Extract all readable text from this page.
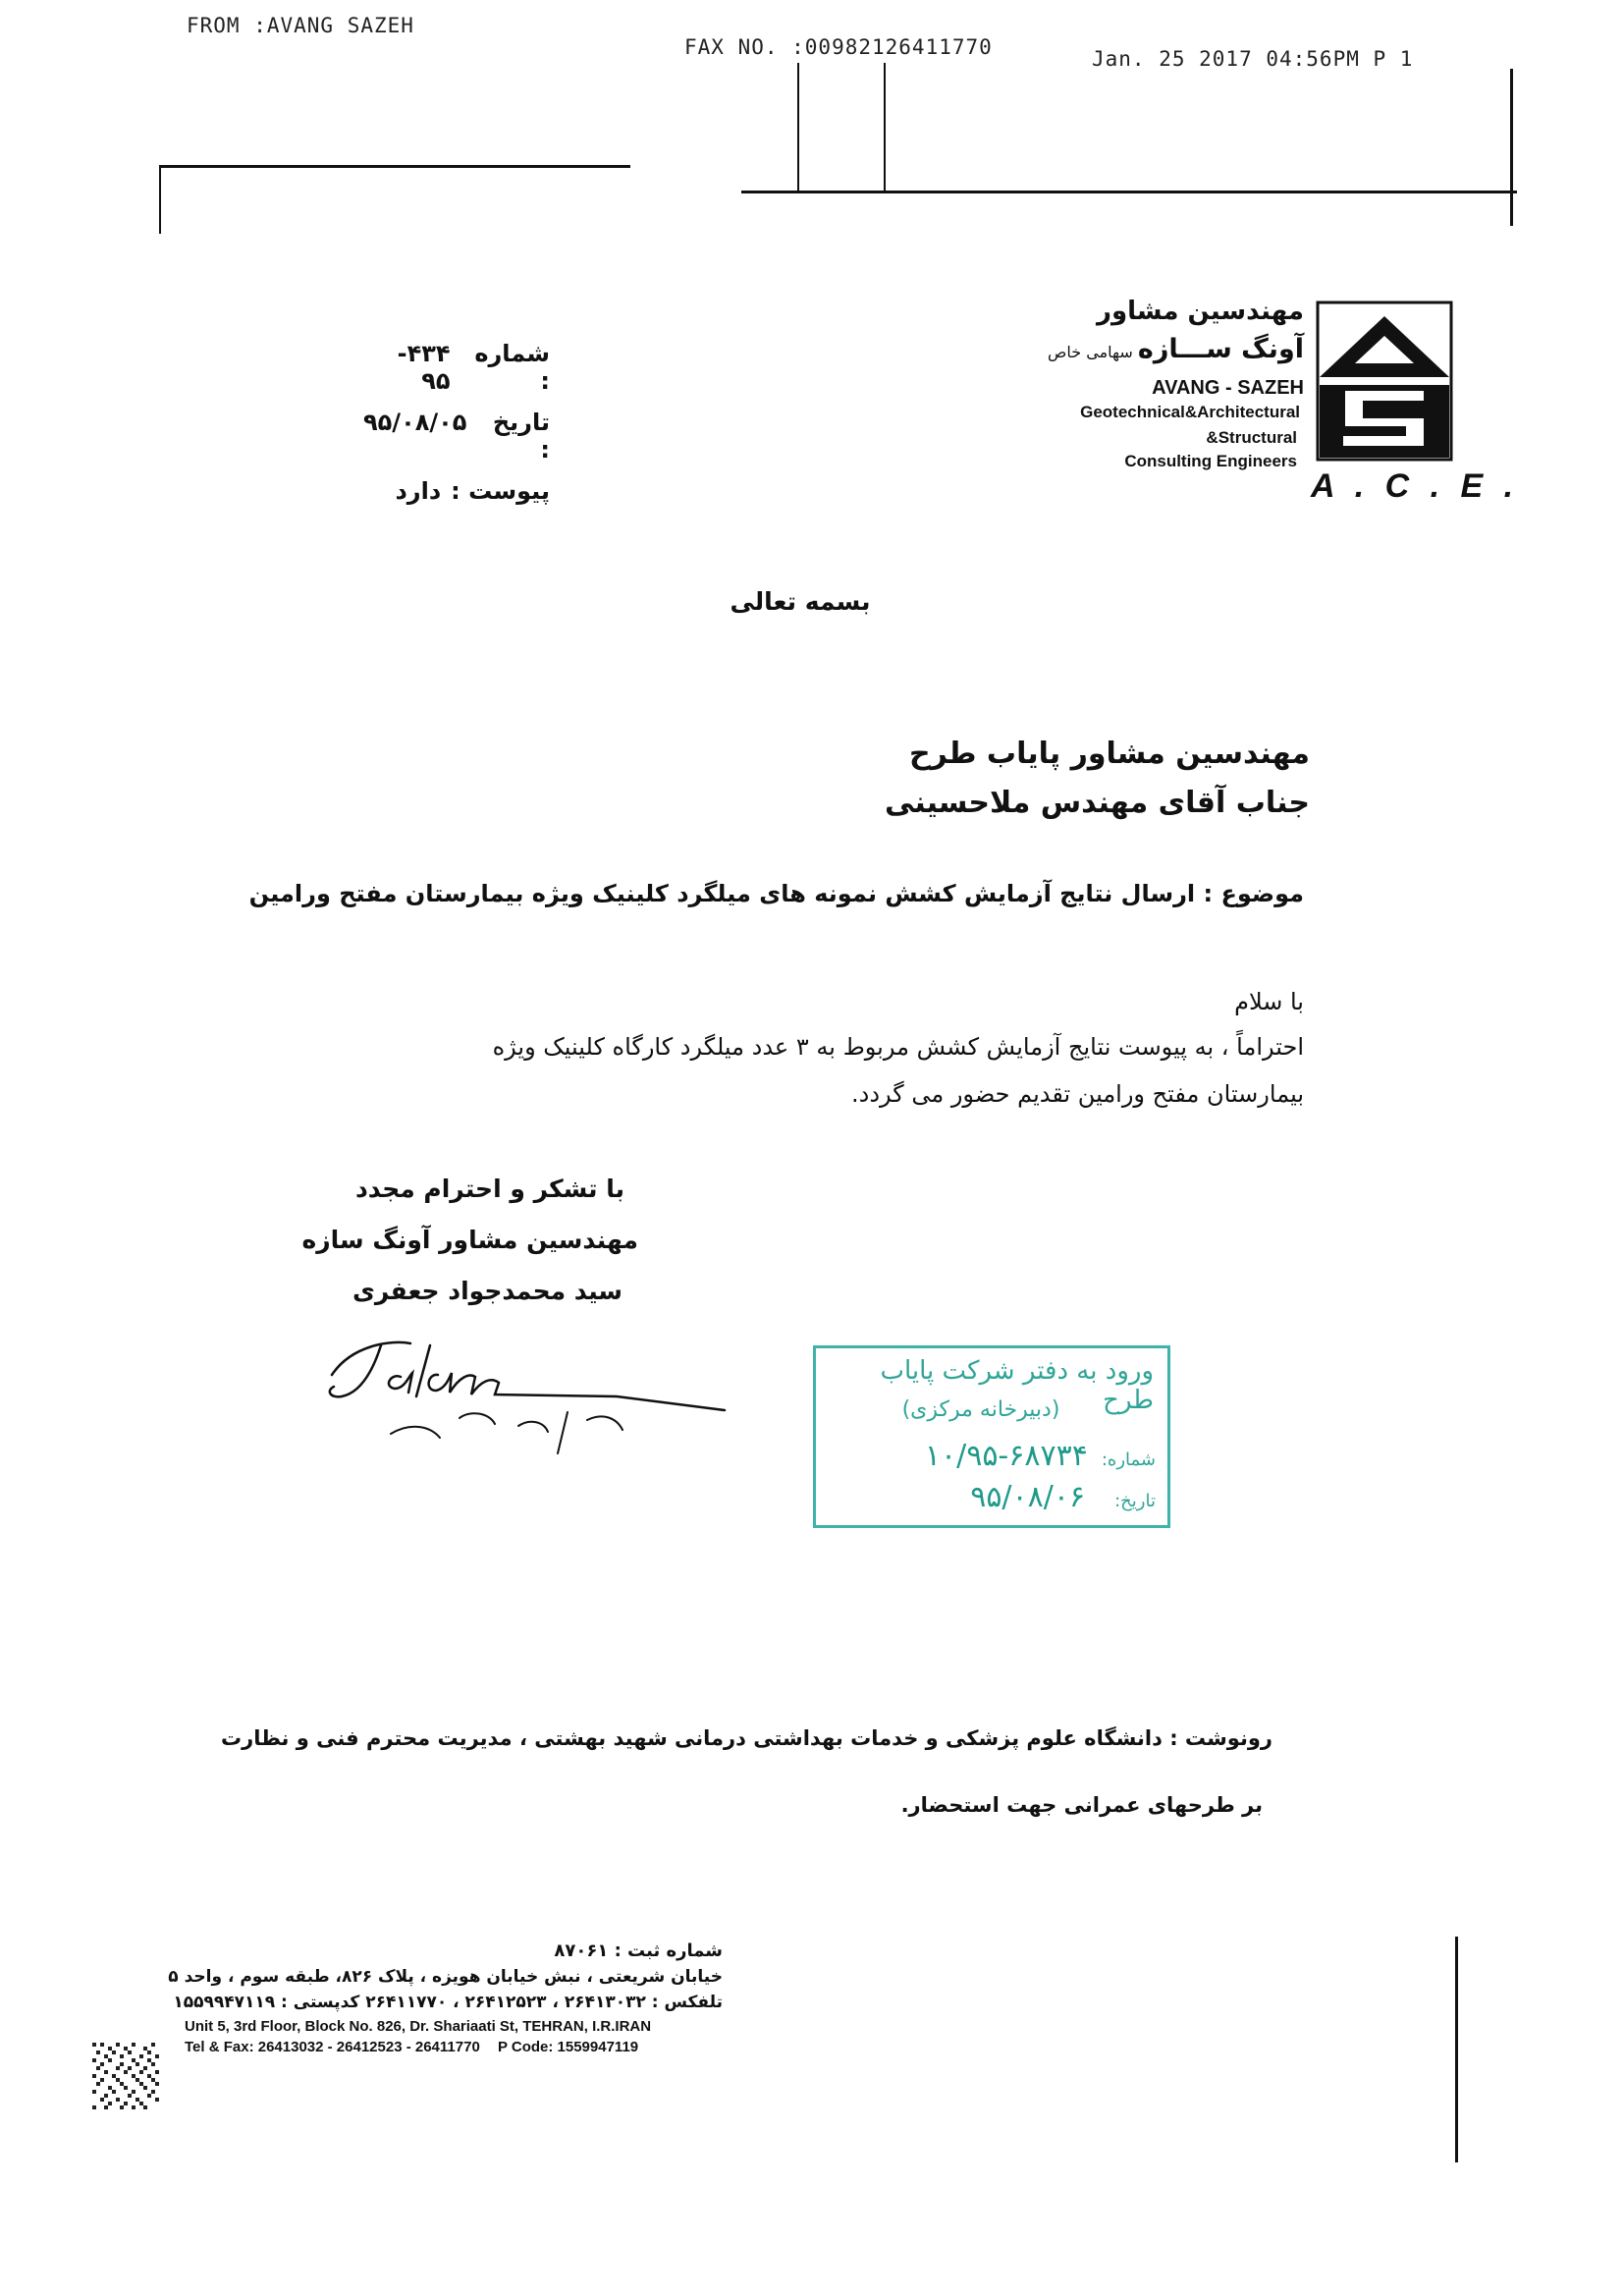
FROM :AVANG SAZEH
FAX NO. :00982126411770	Jan. 25 2017 04:56PM P 1
A . C . E .
مهندسین مشاور
آونگ ســـازه سهامی خاص
AVANG - SAZEH
Geotechnical&Architectural
&Structural
Consulting Engineers
شماره :
۴۳۴- ۹۵
تاریخ :
۹۵/۰۸/۰۵
پیوست :
دارد
بسمه تعالی
مهندسین مشاور پایاب طرح
جناب آقای مهندس ملاحسینی
موضوع : ارسال نتایج آزمایش کشش نمونه های میلگرد کلینیک ویژه بیمارستان مفتح ورامین
با سلام
احتراماً ، به پیوست نتایج آزمایش کشش مربوط به ۳ عدد میلگرد کارگاه کلینیک ویژه
بیمارستان مفتح ورامین تقدیم حضور می گردد.
با تشکر و احترام مجدد
مهندسین مشاور آونگ سازه
سید محمدجواد جعفری
ورود به دفتر شرکت پایاب طرح
(دبیرخانه مرکزی)
شماره:
۱۰/۹۵-۶۸۷۳۴
تاریخ:
۹۵/۰۸/۰۶
رونوشت : دانشگاه علوم پزشکی و خدمات بهداشتی درمانی شهید بهشتی ، مدیریت محترم فنی و نظارت
بر طرحهای عمرانی جهت استحضار.
شماره ثبت : ۸۷۰۶۱
خیابان شریعتی ، نبش خیابان هویزه ، پلاک ۸۲۶، طبقه سوم ، واحد ۵
تلفکس : ۲۶۴۱۳۰۳۲ ، ۲۶۴۱۲۵۲۳ ، ۲۶۴۱۱۷۷۰ کدپستی : ۱۵۵۹۹۴۷۱۱۹
Unit 5, 3rd Floor, Block No. 826, Dr. Shariaati St, TEHRAN, I.R.IRAN
Tel & Fax: 26413032 - 26412523 - 26411770 P Code: 1559947119
